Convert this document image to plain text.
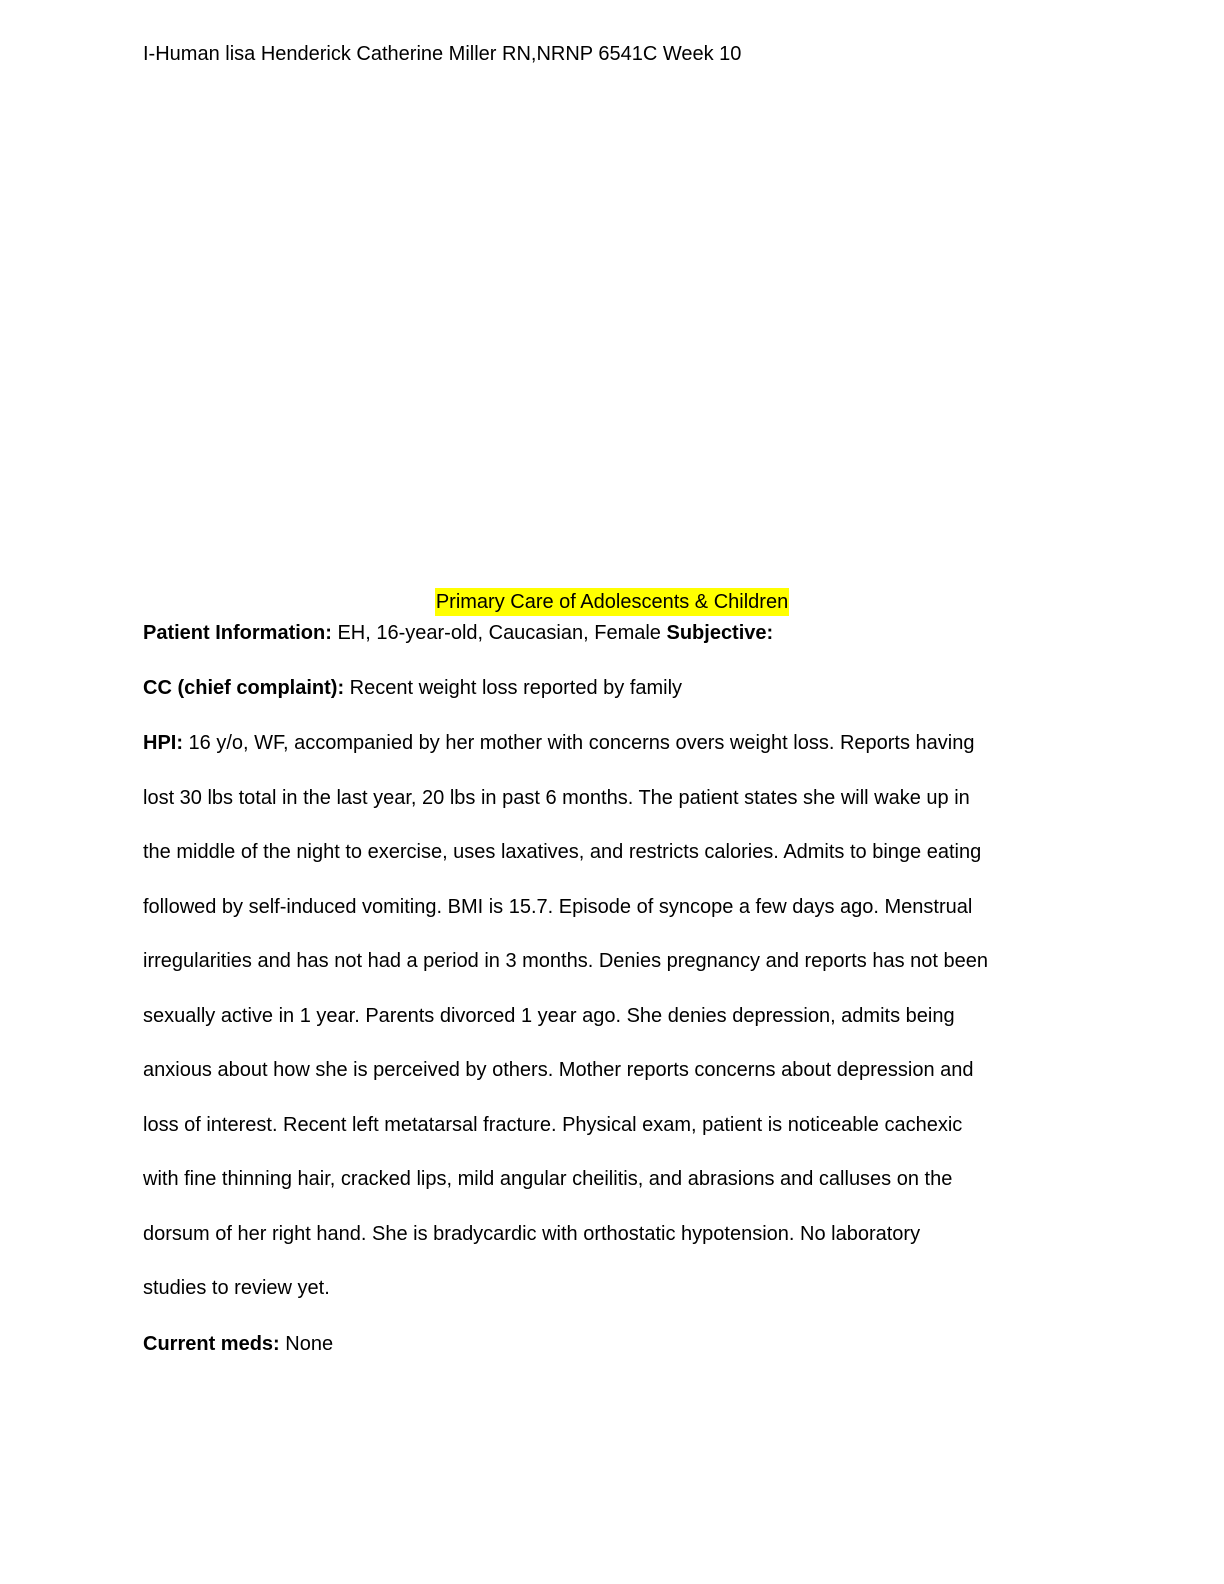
I-Human lisa Henderick Catherine Miller RN,NRNP 6541C Week 10
Primary Care of Adolescents & Children
Patient Information: EH, 16-year-old, Caucasian, Female Subjective:
CC (chief complaint): Recent weight loss reported by family
HPI: 16 y/o, WF, accompanied by her mother with concerns overs weight loss. Reports having
lost 30 lbs total in the last year, 20 lbs in past 6 months. The patient states she will wake up in
the middle of the night to exercise, uses laxatives, and restricts calories. Admits to binge eating
followed by self-induced vomiting. BMI is 15.7. Episode of syncope a few days ago. Menstrual
irregularities and has not had a period in 3 months. Denies pregnancy and reports has not been
sexually active in 1 year. Parents divorced 1 year ago. She denies depression, admits being
anxious about how she is perceived by others. Mother reports concerns about depression and
loss of interest. Recent left metatarsal fracture. Physical exam, patient is noticeable cachexic
with fine thinning hair, cracked lips, mild angular cheilitis, and abrasions and calluses on the
dorsum of her right hand. She is bradycardic with orthostatic hypotension. No laboratory
studies to review yet.
Current meds: None
